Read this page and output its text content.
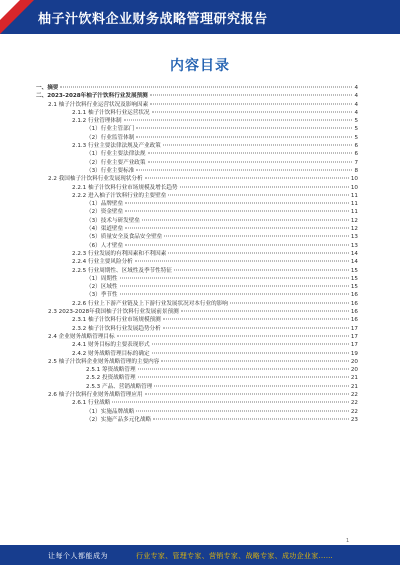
柚子汁饮料企业财务战略管理研究报告
内容目录
一、摘要	4
二、2023-2028年柚子汁饮料行业发展预测	4
2.1 柚子汁饮料行业运营状况及影响因素	4
2.1.1 柚子汁饮料行业运营状况	4
2.1.2 行业管理体制	5
（1）行业主管部门	5
（2）行业监管体制	5
2.1.3 行业主要法律法规及产业政策	6
（1）行业主要法律法规	6
（2）行业主要产业政策	7
（3）行业主要标准	8
2.2 我国柚子汁饮料行业发展现状分析	10
2.2.1 柚子汁饮料行业市场规模及增长趋势	10
2.2.2 进入柚子汁饮料行业的主要壁垒	11
（1）品牌壁垒	11
（2）资金壁垒	11
（3）技术与研发壁垒	12
（4）渠道壁垒	12
（5）质量安全及食品安全壁垒	13
（6）人才壁垒	13
2.2.3 行业发展的有利因素和不利因素	14
2.2.4 行业主要风险分析	14
2.2.5 行业周期性、区域性及季节性特征	15
（1）周期性	15
（2）区域性	15
（3）季节性	16
2.2.6 行业上下游产业链及上下游行业发展状况对本行业的影响	16
2.3 2023-2028年我国柚子汁饮料行业发展前景预测	16
2.3.1 柚子汁饮料行业市场规模预测	16
2.3.2 柚子汁饮料行业发展趋势分析	17
2.4 企业财务战略管理目标	17
2.4.1 财务目标的主要表现形式	17
2.4.2 财务战略管理目标的确定	19
2.5 柚子汁饮料企业财务战略管理的主要内容	20
2.5.1 筹资战略管理	20
2.5.2 投资战略管理	21
2.5.3 产品、营销战略管理	21
2.6 柚子汁饮料行业财务战略管理应用	22
2.6.1 行业战略	22
（1）实施品牌战略	22
（2）实施产品多元化战略	23
1
让每个人都能成为	行业专家、管理专家、营销专家、战略专家、成功企业家……
